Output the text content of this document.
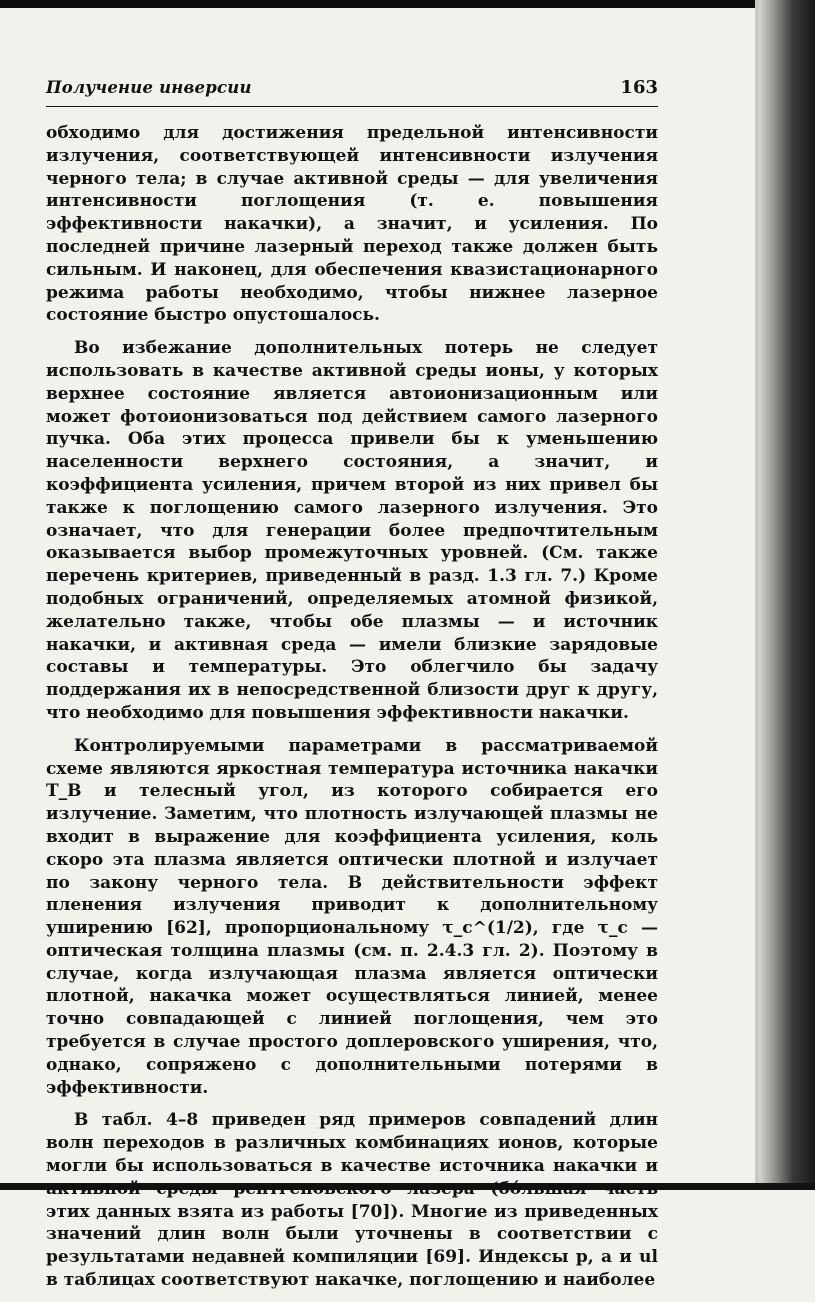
Получение инверсии	163

обходимо для достижения предельной интенсивности излучения, соответствующей интенсивности излучения черного тела; в случае активной среды — для увеличения интенсивности поглощения (т. е. повышения эффективности накачки), а значит, и усиления. По последней причине лазерный переход также должен быть сильным. И наконец, для обеспечения квазистационарного режима работы необходимо, чтобы нижнее лазерное состояние быстро опустошалось.

Во избежание дополнительных потерь не следует использовать в качестве активной среды ионы, у которых верхнее состояние является автоионизационным или может фотоионизоваться под действием самого лазерного пучка. Оба этих процесса привели бы к уменьшению населенности верхнего состояния, а значит, и коэффициента усиления, причем второй из них привел бы также к поглощению самого лазерного излучения. Это означает, что для генерации более предпочтительным оказывается выбор промежуточных уровней. (См. также перечень критериев, приведенный в разд. 1.3 гл. 7.) Кроме подобных ограничений, определяемых атомной физикой, желательно также, чтобы обе плазмы — и источник накачки, и активная среда — имели близкие зарядовые составы и температуры. Это облегчило бы задачу поддержания их в непосредственной близости друг к другу, что необходимо для повышения эффективности накачки.

Контролируемыми параметрами в рассматриваемой схеме являются яркостная температура источника накачки T_B и телесный угол, из которого собирается его излучение. Заметим, что плотность излучающей плазмы не входит в выражение для коэффициента усиления, коль скоро эта плазма является оптически плотной и излучает по закону черного тела. В действительности эффект пленения излучения приводит к дополнительному уширению [62], пропорциональному τ_c^(1/2), где τ_c — оптическая толщина плазмы (см. п. 2.4.3 гл. 2). Поэтому в случае, когда излучающая плазма является оптически плотной, накачка может осуществляться линией, менее точно совпадающей с линией поглощения, чем это требуется в случае простого доплеровского уширения, что, однако, сопряжено с дополнительными потерями в эффективности.

В табл. 4–8 приведен ряд примеров совпадений длин волн переходов в различных комбинациях ионов, которые могли бы использоваться в качестве источника накачки и этих данных взята из работы [70]). Многие из приведенных значений длин волн были уточнены в соответствии с результатами недавней компиляции [69]. Индексы p, a и ul в таблицах соответствуют накачке, поглощению и наиболее
